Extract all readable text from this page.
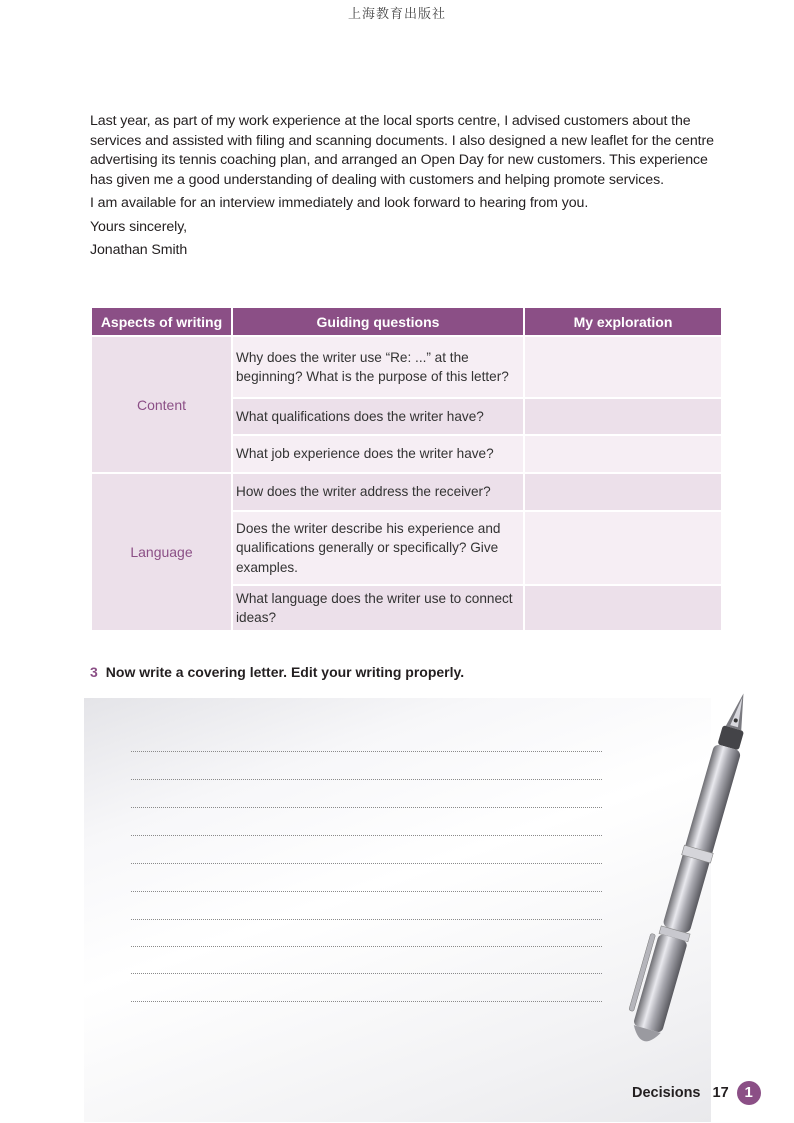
上海教育出版社

Last year, as part of my work experience at the local sports centre, I advised customers about the services and assisted with filing and scanning documents. I also designed a new leaflet for the centre advertising its tennis coaching plan, and arranged an Open Day for new customers. This experience has given me a good understanding of dealing with customers and helping promote services.

I am available for an interview immediately and look forward to hearing from you.

Yours sincerely,

Jonathan Smith

Aspects of writing	Guiding questions	My exploration
Content	Why does the writer use “Re: ...” at the beginning? What is the purpose of this letter?	
	What qualifications does the writer have?	
	What job experience does the writer have?	
Language	How does the writer address the receiver?	
	Does the writer describe his experience and qualifications generally or specifically? Give examples.	
	What language does the writer use to connect ideas?	
3 Now write a covering letter. Edit your writing properly.
Decisions 17	1
